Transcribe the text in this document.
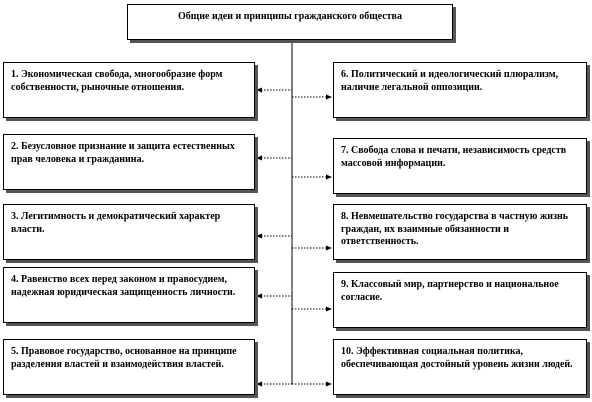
Общие идеи и принципы гражданского общества
1. Экономическая свобода, многообразие форм собственности, рыночные отношения.
2. Безусловное признание и защита естественных прав человека и гражданина.
3. Легитимность и демократический характер власти.
4. Равенство всех перед законом и правосудием, надежная юридическая защищенность личности.
5. Правовое государство, основанное на принципе разделения властей и взаимодействия властей.
6. Политический и идеологический плюрализм, наличие легальной оппозиции.
7. Свобода слова и печати, независимость средств массовой информации.
8. Невмешательство государства в частную жизнь граждан, их взаимные обязанности и ответственность.
9. Классовый мир, партнерство и национальное согласие.
10. Эффективная социальная политика, обеспечивающая достойный уровень жизни людей.
